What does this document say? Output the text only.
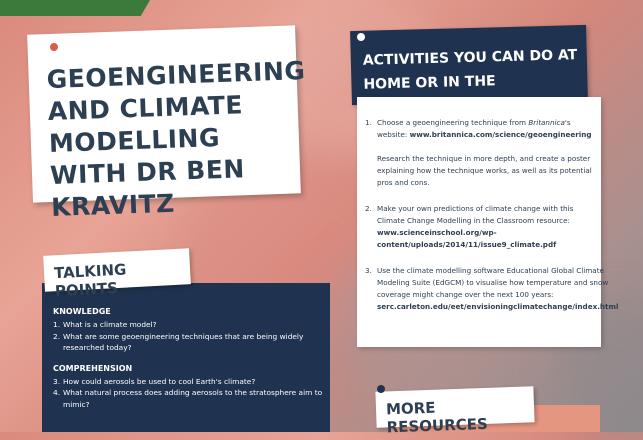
GEOENGINEERING AND CLIMATE MODELLING WITH DR BEN KRAVITZ
ACTIVITIES YOU CAN DO AT HOME OR IN THE
1. Choose a geoengineering technique from Britannica's website: www.britannica.com/science/geoengineering

Research the technique in more depth, and create a poster explaining how the technique works, as well as its potential pros and cons.

2. Make your own predictions of climate change with this Climate Change Modelling in the Classroom resource: www.scienceinschool.org/wp-content/uploads/2014/11/issue9_climate.pdf

3. Use the climate modelling software Educational Global Climate Modeling Suite (EdGCM) to visualise how temperature and snow coverage might change over the next 100 years: serc.carleton.edu/eet/envisioningclimatechange/index.html

KNOWLEDGE
1. What is a climate model?
2. What are some geoengineering techniques that are being widely researched today?
COMPREHENSION
3. How could aerosols be used to cool Earth's climate?
4. What natural process does adding aerosols to the stratosphere aim to mimic?
TALKING POINTS
MORE RESOURCES
